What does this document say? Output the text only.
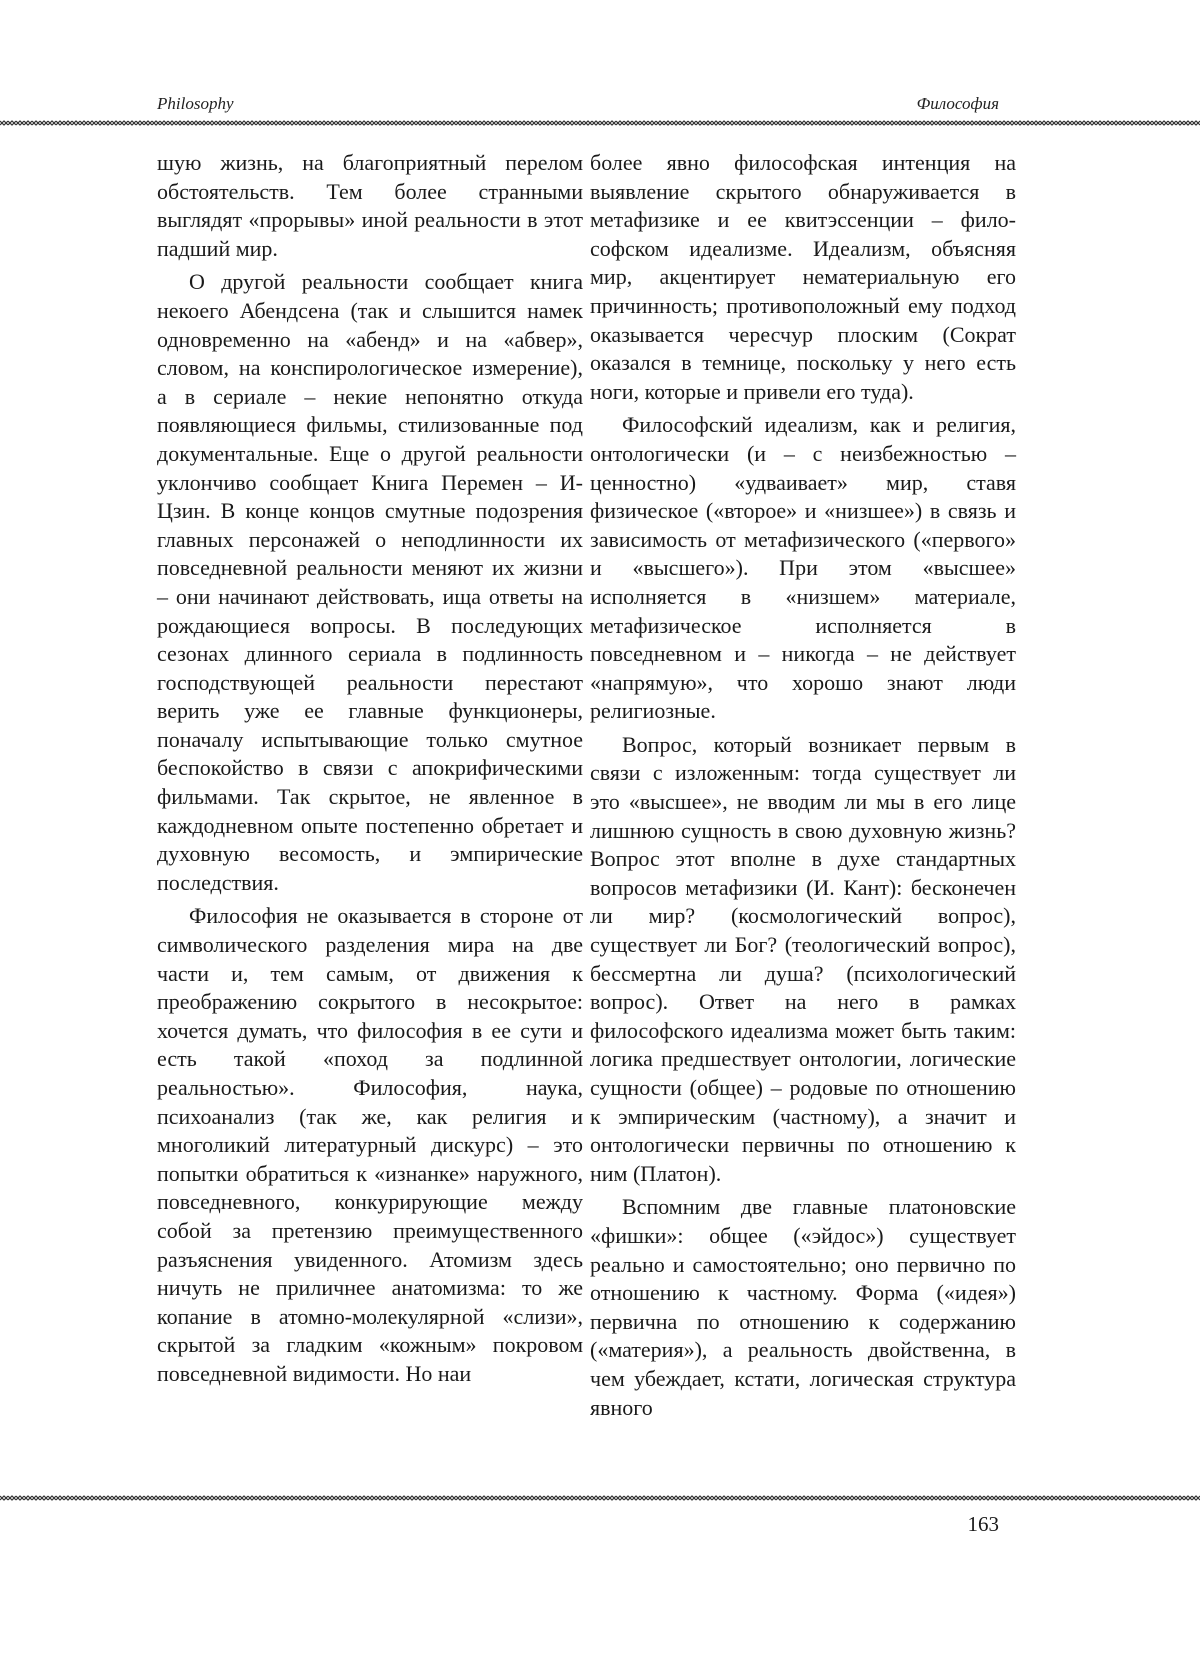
Philosophy	Философия

шую жизнь, на благоприятный перелом обстоятельств. Тем более странными выглядят «прорывы» иной реальности в этот падший мир.

О другой реальности сообщает книга некоего Абендсена (так и слышится намек одновременно на «абенд» и на «абвер», словом, на конспирологическое измерение), а в сериале – некие непонятно откуда появляющиеся фильмы, стилизованные под документальные. Еще о другой реальности уклончиво сообщает Книга Перемен – И-Цзин. В конце концов смутные подозрения главных персонажей о неподлинности их повседневной реальности меняют их жизни – они начинают действовать, ища ответы на рождающиеся вопросы. В последующих сезонах длинного сериала в подлинность господствующей реальности перестают верить уже ее главные функционеры, поначалу испытывающие только смутное беспокойство в связи с апокрифическими фильмами. Так скрытое, не явленное в каждодневном опыте постепенно обретает и духовную весомость, и эмпирические последствия.

Философия не оказывается в стороне от символического разделения мира на две части и, тем самым, от движения к преображению сокрытого в несокрытое: хочется думать, что философия в ее сути и есть такой «поход за подлинной реальностью». Философия, наука, психоанализ (так же, как религия и многоликий литературный дискурс) – это попытки обратиться к «изнанке» наружного, повседневного, конкурирующие между собой за претензию преимущественного разъяснения увиденного. Атомизм здесь ничуть не приличнее анатомизма: то же копание в атомно-молекулярной «слизи», скрытой за гладким «кожным» покровом повседневной видимости. Но наи

более явно философская интенция на выявление скрытого обнаруживается в метафизике и ее квитэссенции – философском идеализме. Идеализм, объясняя мир, акцентирует нематериальную его причинность; противоположный ему подход оказывается чересчур плоским (Сократ оказался в темнице, поскольку у него есть ноги, которые и привели его туда).

Философский идеализм, как и религия, онтологически (и – с неизбежностью – ценностно) «удваивает» мир, ставя физическое («вторoе» и «низшее») в связь и зависимость от метафизического («первого» и «высшего»). При этом «высшее» исполняется в «низшем» материале, метафизическое исполняется в повседневном и – никогда – не действует «напрямую», что хорошо знают люди религиозные.

Вопрос, который возникает первым в связи с изложенным: тогда существует ли это «высшее», не вводим ли мы в его лице лишнюю сущность в свою духовную жизнь? Вопрос этот вполне в духе стандартных вопросов метафизики (И. Кант): бесконечен ли мир? (космологический вопрос), существует ли Бог? (теологический вопрос), бессмертна ли душа? (психологический вопрос). Ответ на него в рамках философского идеализма может быть таким: логика предшествует онтологии, логические сущности (общее) – родовые по отношению к эмпирическим (частному), а значит и онтологически первичны по отношению к ним (Платон).

Вспомним две главные платоновские «фишки»: общее («эйдос») существует реально и самостоятельно; оно первично по отношению к частному. Форма («идея») первична по отношению к содержанию («материя»), а реальность двойственна, в чем убеждает, кстати, логическая структура явного

163
